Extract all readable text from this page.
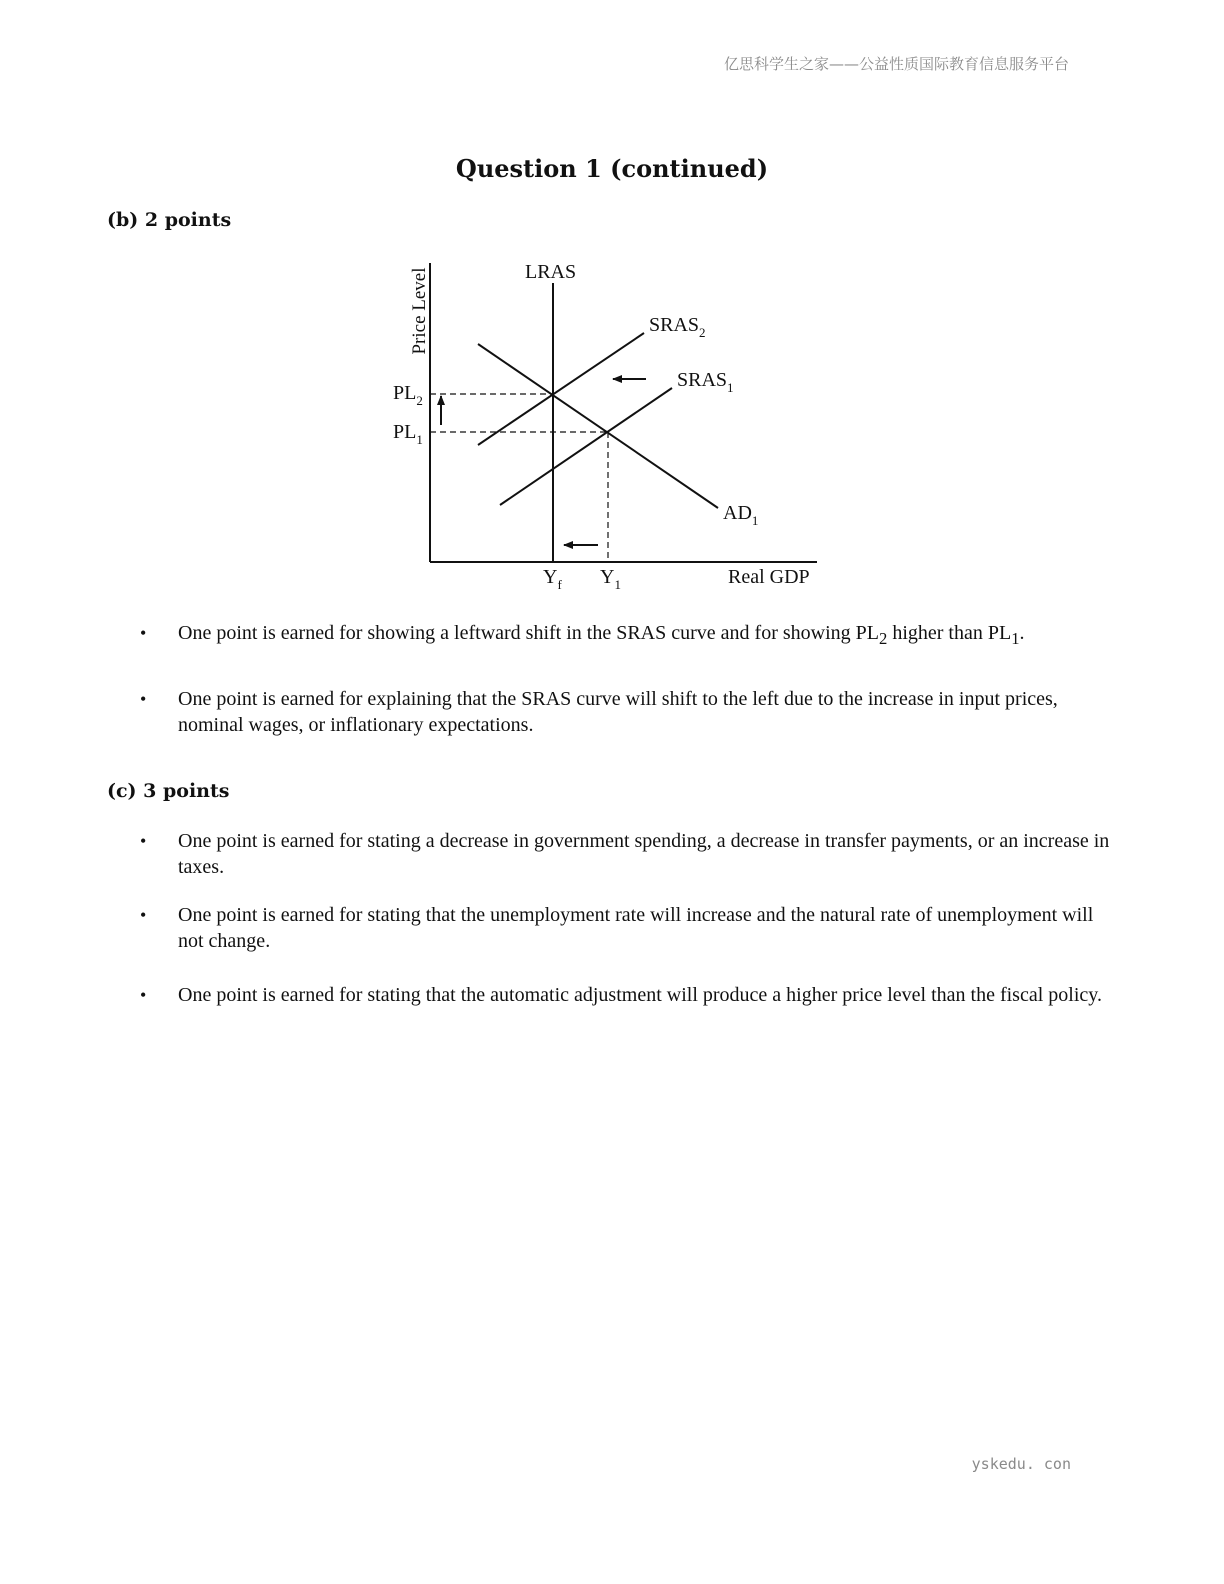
亿思科学生之家——公益性质国际教育信息服务平台
Question 1 (continued)
(b) 2 points
Price Level
Real GDP
LRAS
$AD_1$
$SRAS_2$
$SRAS_1$
$PL_2$
$PL_1$
$Y_f$ $Y_1$
• One point is earned for showing a leftward shift in the SRAS curve and for showing $PL_2$ higher than $PL_1$.
• One point is earned for explaining that the SRAS curve will shift to the left due to the increase in input prices, nominal wages, or inflationary expectations.
(c) 3 points
• One point is earned for stating a decrease in government spending, a decrease in transfer payments, or an increase in taxes.
• One point is earned for stating that the unemployment rate will increase and the natural rate of unemployment will not change.
• One point is earned for stating that the automatic adjustment will produce a higher price level than the fiscal policy.
yskedu. con
